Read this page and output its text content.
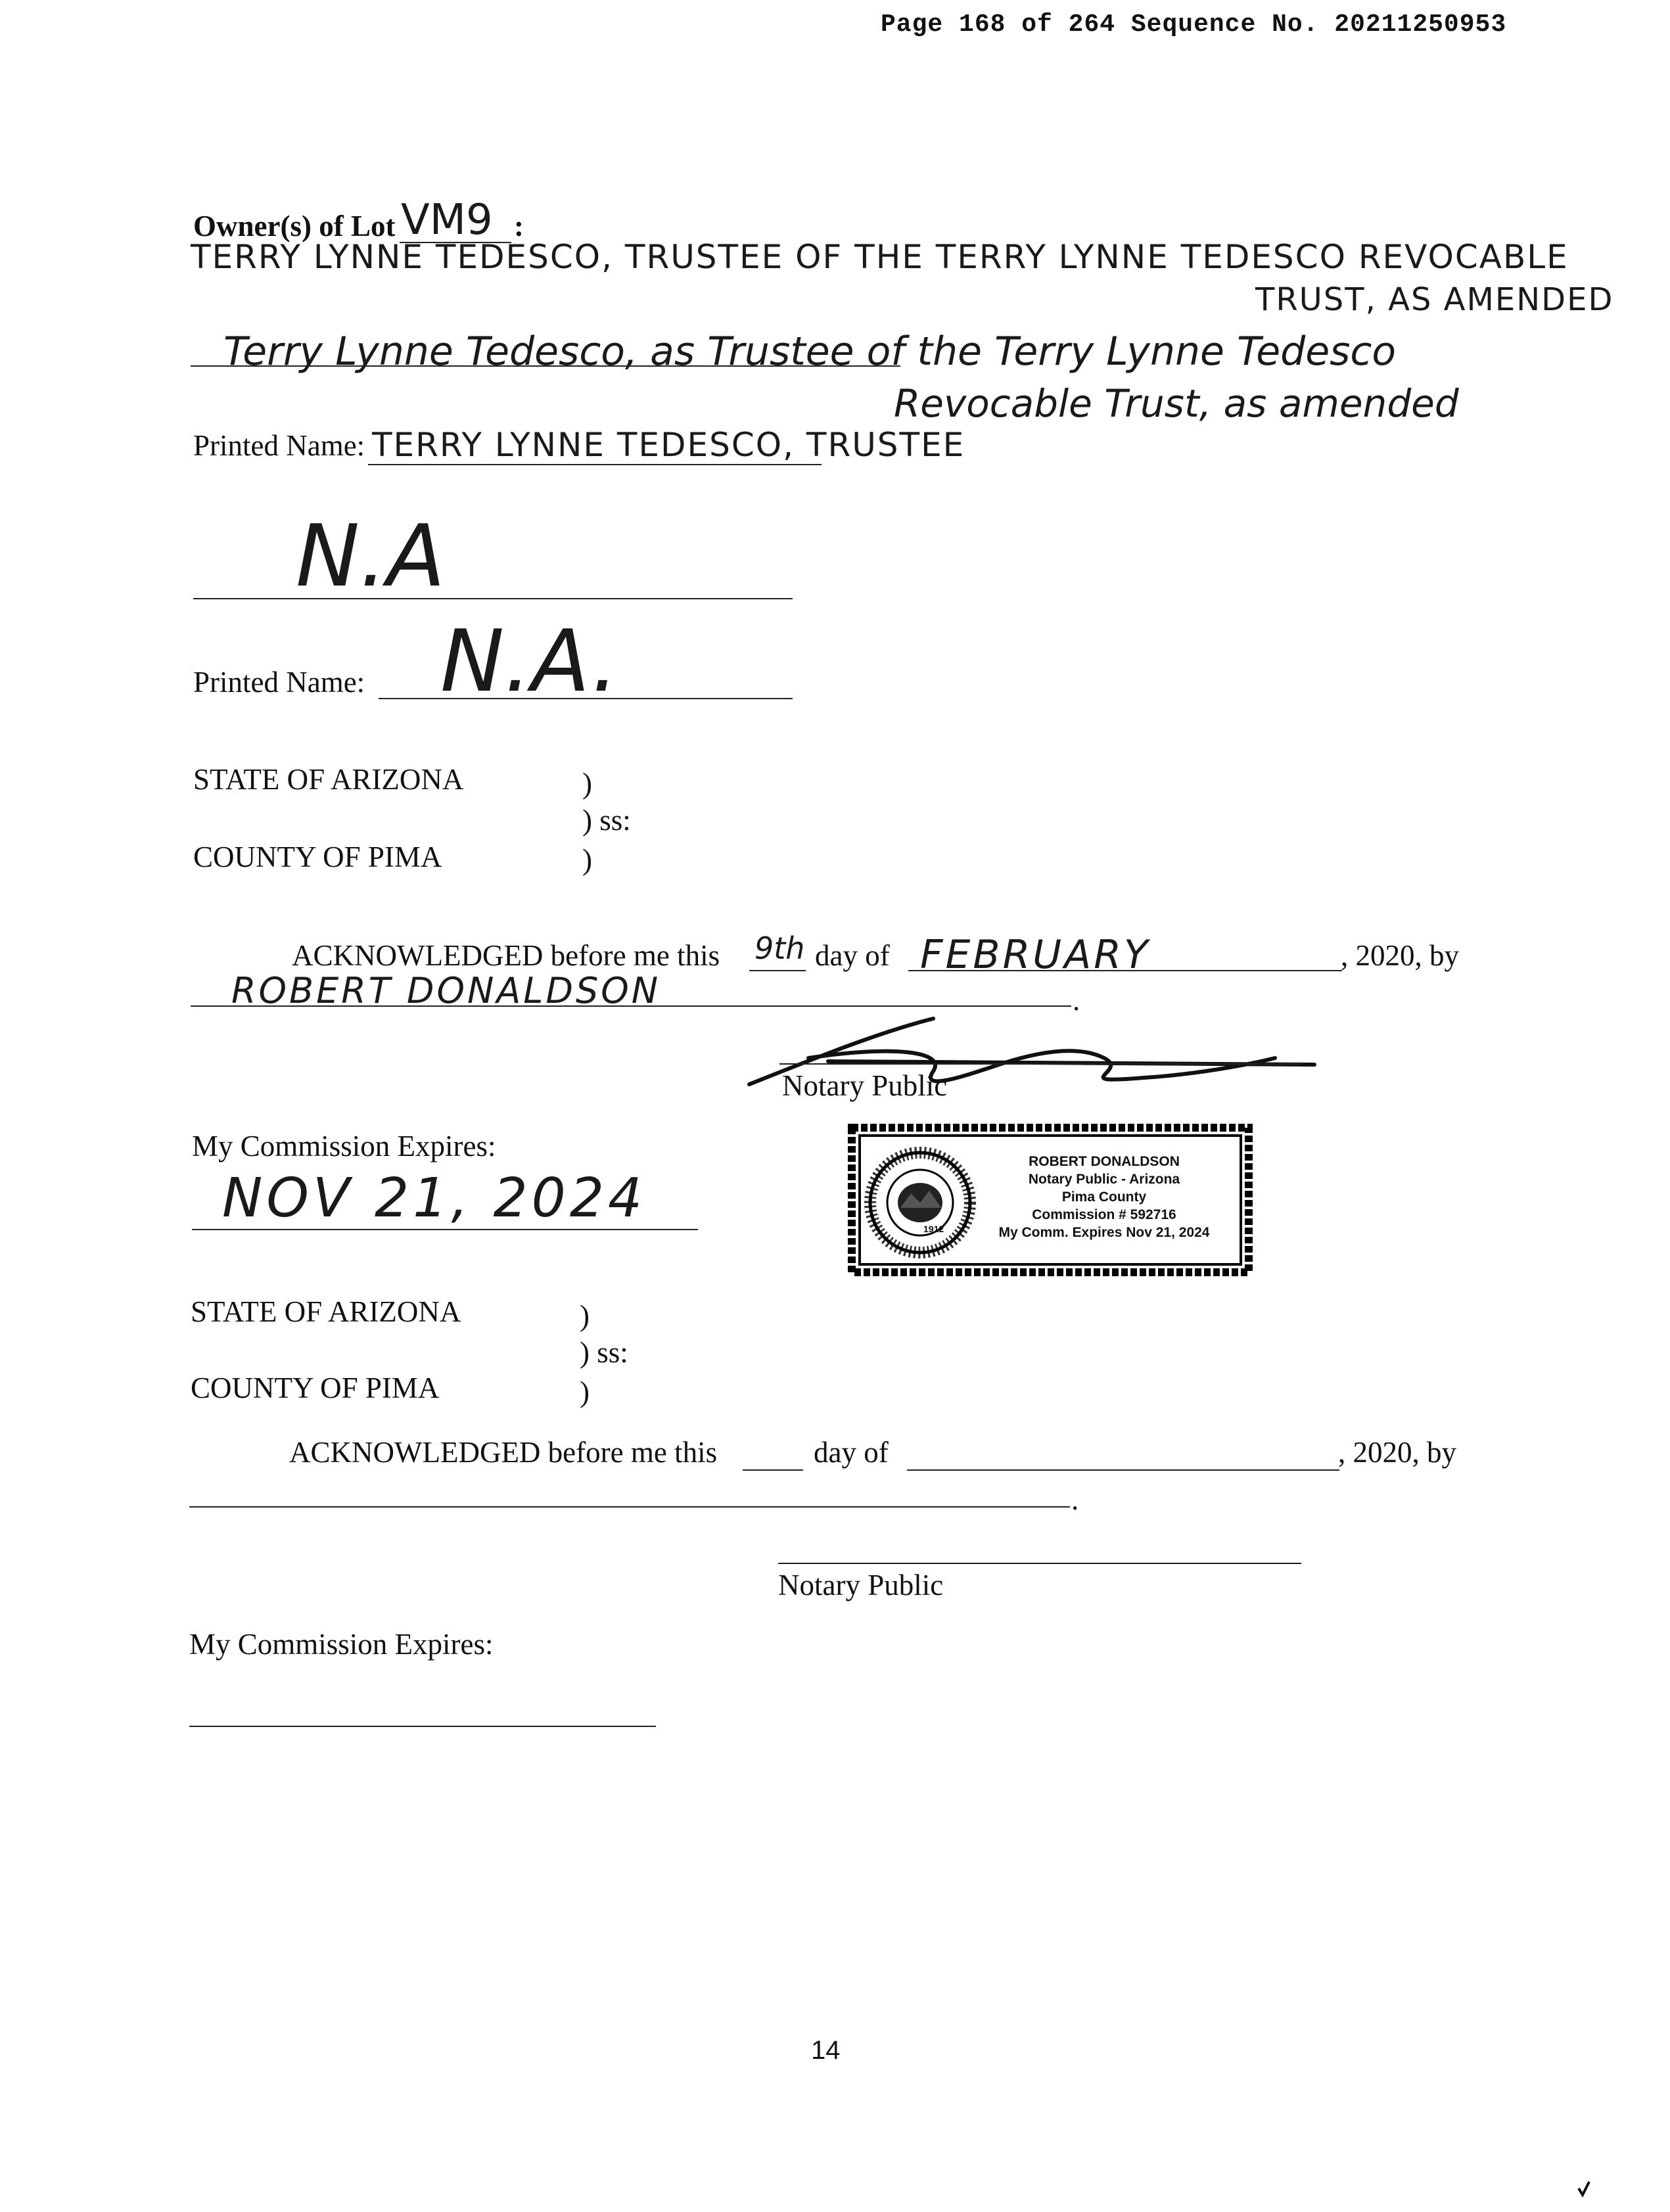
Page 168 of 264 Sequence No. 20211250953
Owner(s) of Lot VM9 :
TERRY LYNNE TEDESCO, TRUSTEE OF THE TERRY LYNNE TEDESCO REVOCABLE
TRUST, AS AMENDED
Terry Lynne Tedesco, as Trustee of the Terry Lynne Tedesco
Revocable Trust, as amended
Printed Name: TERRY LYNNE TEDESCO, TRUSTEE
N.A
Printed Name: N.A.
STATE OF ARIZONA	)
) ss:
COUNTY OF PIMA	)
ACKNOWLEDGED before me this 9th day of FEBRUARY	, 2020, by
ROBERT DONALDSON	.
Notary Public
My Commission Expires:
NOV 21, 2024	1912
ROBERT DONALDSON
Notary Public - Arizona
Pima County
Commission # 592716
My Comm. Expires Nov 21, 2024
STATE OF ARIZONA	)
) ss:
COUNTY OF PIMA	)
ACKNOWLEDGED before me this	day of	, 2020, by
.
Notary Public
My Commission Expires:
14
